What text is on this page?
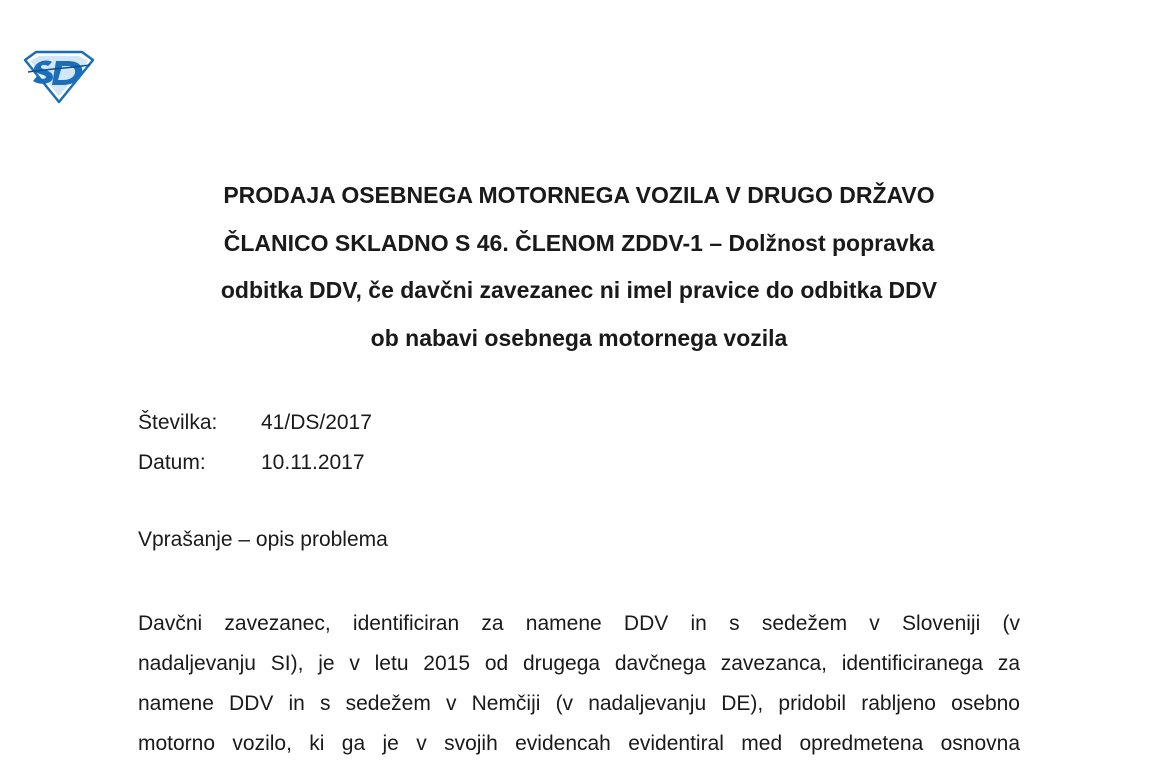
PRODAJA OSEBNEGA MOTORNEGA VOZILA V DRUGO DRŽAVO
ČLANICO SKLADNO S 46. ČLENOM ZDDV-1 – Dolžnost popravka
odbitka DDV, če davčni zavezanec ni imel pravice do odbitka DDV
ob nabavi osebnega motornega vozila
Številka:	41/DS/2017
Datum:	10.11.2017
Vprašanje – opis problema
Davčni zavezanec, identificiran za namene DDV in s sedežem v Sloveniji (v
nadaljevanju SI), je v letu 2015 od drugega davčnega zavezanca, identificiranega za
namene DDV in s sedežem v Nemčiji (v nadaljevanju DE), pridobil rabljeno osebno
motorno vozilo, ki ga je v svojih evidencah evidentiral med opredmetena osnovna
